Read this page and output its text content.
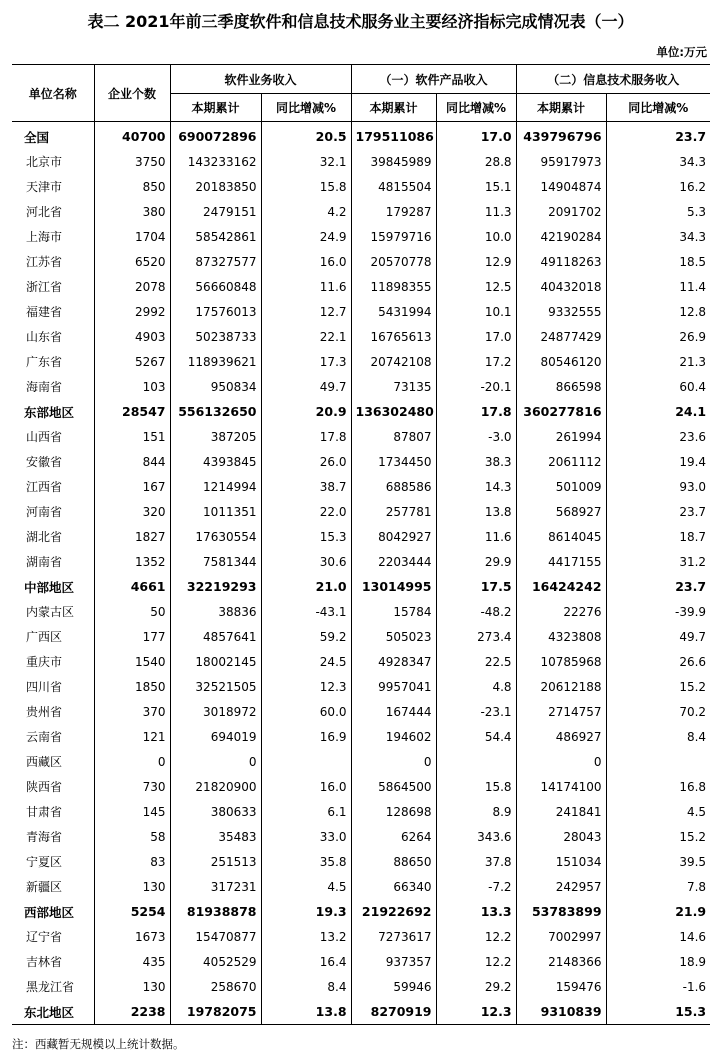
表二 2021年前三季度软件和信息技术服务业主要经济指标完成情况表（一）
单位:万元
单位名称	企业个数	软件业务收入		（一）软件产品收入		（二）信息技术服务收入	
		本期累计	同比增减%	本期累计	同比增减%	本期累计	同比增减%
全国	40700	690072896	20.5	179511086	17.0	439796796	23.7
北京市	3750	143233162	32.1	39845989	28.8	95917973	34.3
天津市	850	20183850	15.8	4815504	15.1	14904874	16.2
河北省	380	2479151	4.2	179287	11.3	2091702	5.3
上海市	1704	58542861	24.9	15979716	10.0	42190284	34.3
江苏省	6520	87327577	16.0	20570778	12.9	49118263	18.5
浙江省	2078	56660848	11.6	11898355	12.5	40432018	11.4
福建省	2992	17576013	12.7	5431994	10.1	9332555	12.8
山东省	4903	50238733	22.1	16765613	17.0	24877429	26.9
广东省	5267	118939621	17.3	20742108	17.2	80546120	21.3
海南省	103	950834	49.7	73135	-20.1	866598	60.4
东部地区	28547	556132650	20.9	136302480	17.8	360277816	24.1
山西省	151	387205	17.8	87807	-3.0	261994	23.6
安徽省	844	4393845	26.0	1734450	38.3	2061112	19.4
江西省	167	1214994	38.7	688586	14.3	501009	93.0
河南省	320	1011351	22.0	257781	13.8	568927	23.7
湖北省	1827	17630554	15.3	8042927	11.6	8614045	18.7
湖南省	1352	7581344	30.6	2203444	29.9	4417155	31.2
中部地区	4661	32219293	21.0	13014995	17.5	16424242	23.7
内蒙古区	50	38836	-43.1	15784	-48.2	22276	-39.9
广西区	177	4857641	59.2	505023	273.4	4323808	49.7
重庆市	1540	18002145	24.5	4928347	22.5	10785968	26.6
四川省	1850	32521505	12.3	9957041	4.8	20612188	15.2
贵州省	370	3018972	60.0	167444	-23.1	2714757	70.2
云南省	121	694019	16.9	194602	54.4	486927	8.4
西藏区	0	0		0		0	
陕西省	730	21820900	16.0	5864500	15.8	14174100	16.8
甘肃省	145	380633	6.1	128698	8.9	241841	4.5
青海省	58	35483	33.0	6264	343.6	28043	15.2
宁夏区	83	251513	35.8	88650	37.8	151034	39.5
新疆区	130	317231	4.5	66340	-7.2	242957	7.8
西部地区	5254	81938878	19.3	21922692	13.3	53783899	21.9
辽宁省	1673	15470877	13.2	7273617	12.2	7002997	14.6
吉林省	435	4052529	16.4	937357	12.2	2148366	18.9
黑龙江省	130	258670	8.4	59946	29.2	159476	-1.6
东北地区	2238	19782075	13.8	8270919	12.3	9310839	15.3
注：西藏暂无规模以上统计数据。
